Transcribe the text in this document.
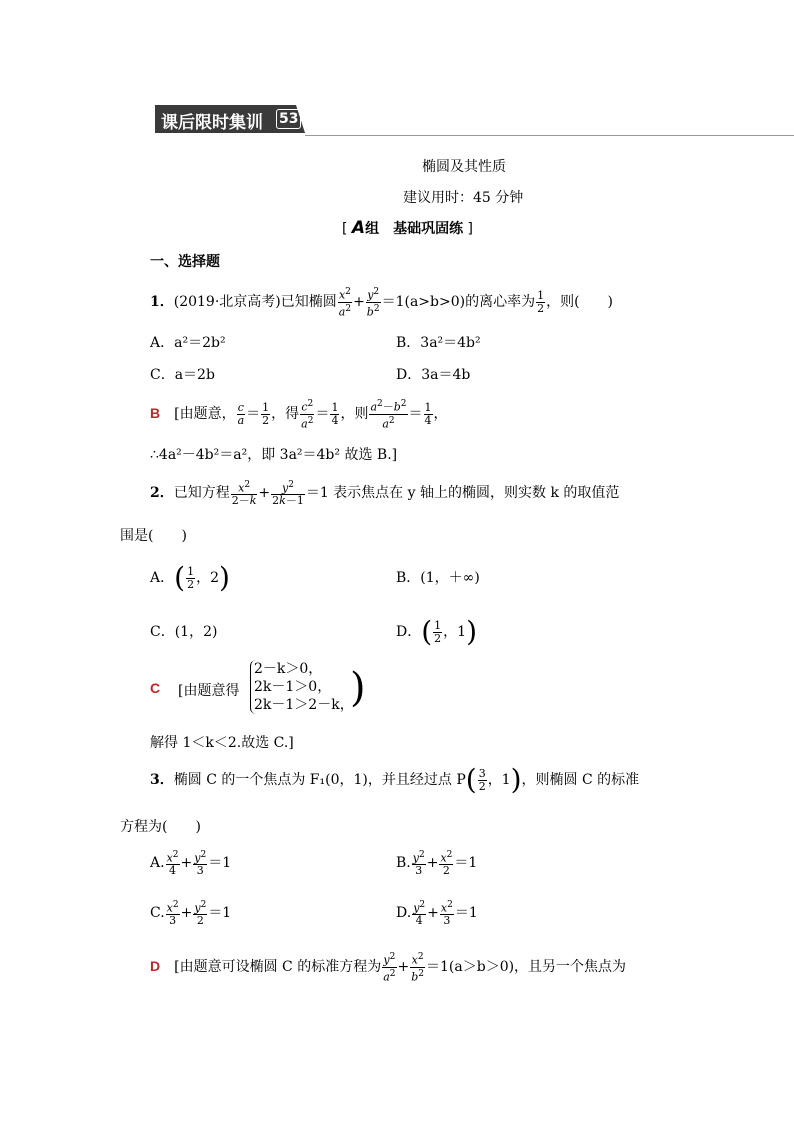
课后限时集训 53
椭圆及其性质
建议用时：45 分钟
[ A组　基础巩固练 ]
一、选择题
1．(2019·北京高考)已知椭圆 $\frac{x^2}{a^2} + \frac{y^2}{b^2} =1(a>b>0)$的离心率为 $\frac{1}{2}$ ，则(　　)
A．a²＝2b²	B．3a²＝4b²
C．a＝2b	D．3a＝4b
B　 [由题意， $\frac{c}{a} = \frac{1}{2}$ ，得 $\frac{c^2}{a^2} = \frac{1}{4}$ ，则 $\frac{a^2-b^2}{a^2} = \frac{1}{4}$ ，
∴4a²－4b²＝a²，即 3a²＝4b² 故选 B.]
2．已知方程 $\frac{x^2}{2-k} + \frac{y^2}{2k-1} =1$ 表示焦点在 y 轴上的椭圆，则实数 k 的取值范
围是(　　)
A．( $\frac{1}{2}$ ，2)	B．(1，＋∞)
C．(1，2)	D．( $\frac{1}{2}$ ，1)
C [由题意得
2－k＞0，
2k－1＞0，
2k－1＞2－k，
)
解得 1＜k＜2.故选 C.]
3．椭圆 C 的一个焦点为 F₁(0，1)，并且经过点 $P( \frac{3}{2}$ ，1)，则椭圆 C 的标准
方程为(　　)
A. $\frac{x^2}{4} + \frac{y^2}{3} =1$	B. $\frac{y^2}{3} + \frac{x^2}{2} =1$
C. $\frac{x^2}{3} + \frac{y^2}{2} =1$	D. $\frac{y^2}{4} + \frac{x^2}{3} =1$
D　 [由题意可设椭圆 C 的标准方程为 $\frac{y^2}{a^2} + \frac{x^2}{b^2} =1(a>b>0)$，且另一个焦点为
